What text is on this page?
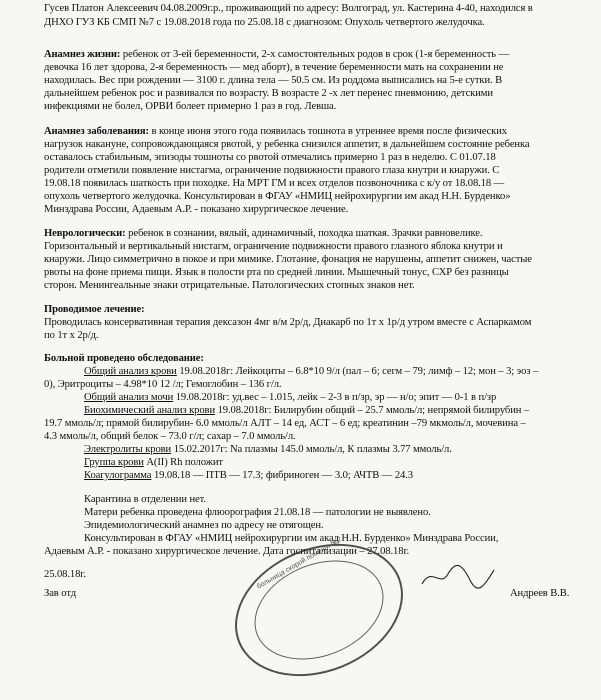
Гусев Платон Алексеевич 04.08.2009г.р., проживающий по адресу: Волгоград, ул. Кастерина 4-40, находился в
ДНХО ГУЗ КБ СМП №7 с 19.08.2018 года по 25.08.18 с диагнозом: Опухоль четвертого желудочка.
Анамнез жизни: ребенок от 3-ей беременности, 2-х самостоятельных родов в срок (1-я беременность —
девочка 16 лет здорова, 2-я беременность — мед аборт), в течение беременности мать на сохранении не
находилась. Вес при рождении — 3100 г. длина тела — 50.5 см. Из роддома выписались на 5-е сутки. В
дальнейшем ребенок рос и развивался по возрасту. В возрасте 2 -х лет перенес пневмонию, детскими
инфекциями не болел, ОРВИ болеет примерно 1 раз в год. Левша.
Анамнез заболевания: в конце июня этого года появилась тошнота в утреннее время после физических
нагрузок накануне, сопровождающаяся рвотой, у ребенка снизился аппетит, в дальнейшем состояние ребенка
оставалось стабильным, эпизоды тошноты со рвотой отмечались примерно 1 раз в неделю. С 01.07.18
родители отметили появление нистагма, ограничение подвижности правого глаза кнутри и кнаружи. С
19.08.18 появилась шаткость при походке. На МРТ ГМ и всех отделов позвоночника с к/у от 18.08.18 —
опухоль четвертого желудочка. Консультирован в ФГАУ «НМИЦ нейрохирургии им акад Н.Н. Бурденко»
Минздрава России, Адаевым А.Р. - показано хирургическое лечение.
Неврологически: ребенок в сознании, вялый, адинамичный, походка шаткая. Зрачки равновелике.
Горизонтальный и вертикальный нистагм, ограничение подвижности правого глазного яблока кнутри и
кнаружи. Лицо симметрично в покое и при мимике. Глотание, фонация не нарушены, аппетит снижен, частые
рвоты на фоне приема пищи. Язык в полости рта по средней линии. Мышечный тонус, СХР без разницы
сторон. Менингеальные знаки отрицательные. Патологических стопных знаков нет.
Проводимое лечение:
Проводилась консервативная терапия дексазон 4мг в/м 2р/д, Диакарб по 1т х 1р/д утром вместе с Аспаркамом
по 1т х 2р/д.
Больной проведено обследование:
Общий анализ крови 19.08.2018г: Лейкоциты – 6.8*10 9/л (пал – 6; сегм – 79; лимф – 12; мон – 3; эоз –
0), Эритроциты – 4.98*10 12 /л; Гемоглобин – 136 г/л.
Общий анализ мочи 19.08.2018г: уд.вес – 1.015, лейк – 2-3 в п/зр, эр — н/о; эпит — 0-1 в п/зр
Биохимический анализ крови 19.08.2018г: Билирубин общий – 25.7 ммоль/л; непрямой билирубин –
19.7 ммоль/л; прямой билирубин- 6.0 ммоль/л АЛТ – 14 ед, АСТ – 6 ед; креатинин –79 мкмоль/л, мочевина –
4.3 ммоль/л, общий белок – 73.0 г/л; сахар – 7.0 ммоль/л.
Электролиты крови 15.02.2017г: Na плазмы 145.0 ммоль/л, К плазмы 3.77 ммоль/л.
Группа крови А(II) Rh положит
Коагулограмма 19.08.18 — ПТВ — 17.3; фибриноген — 3.0; АЧТВ — 24.3
Карантина в отделении нет.
Матери ребенка проведена флюорография 21.08.18 — патологии не выявлено.
Эпидемиологический анамнез по адресу не отягощен.
Консультирован в ФГАУ «НМИЦ нейрохирургии им акад Н.Н. Бурденко» Минздрава России,
Адаевым А.Р. - показано хирургическое лечение. Дата госпитализации – 27.08.18г.
25.08.18г.
Зав отд	Андреев В.В.
больница скорой помощи №7
